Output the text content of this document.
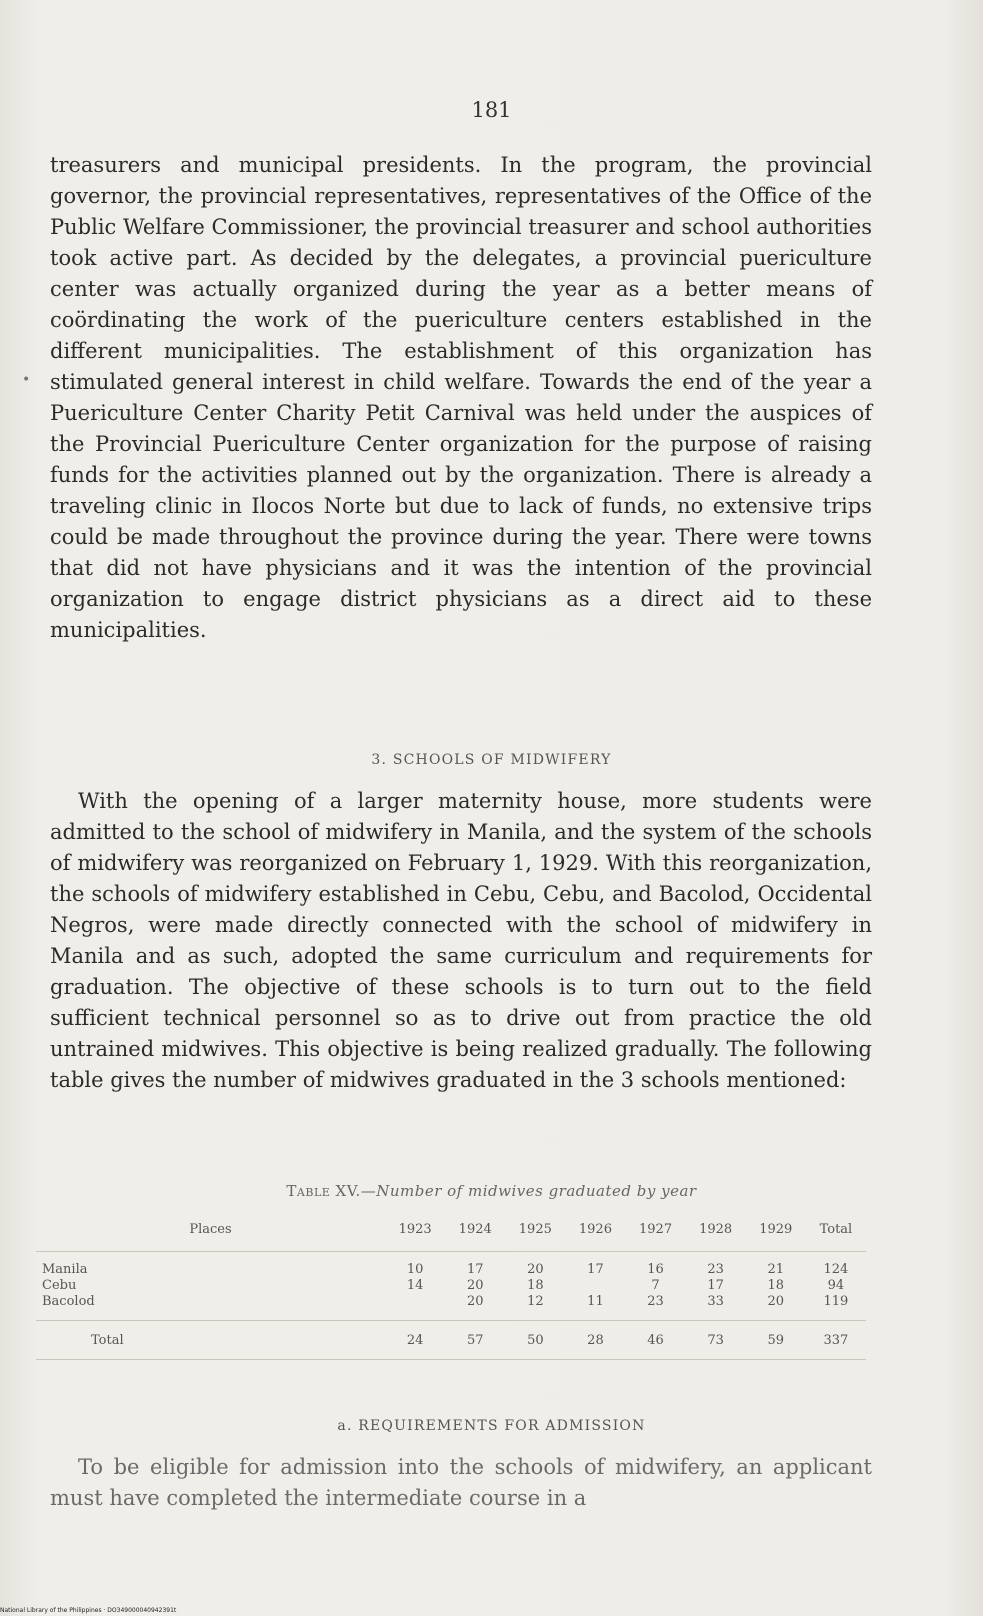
181

treasurers and municipal presidents. In the program, the provincial governor, the provincial representatives, representatives of the Office of the Public Welfare Commissioner, the provincial treasurer and school authorities took active part. As decided by the delegates, a provincial puericulture center was actually organized during the year as a better means of coördinating the work of the puericulture centers established in the different municipalities. The establishment of this organization has stimulated general interest in child welfare. Towards the end of the year a Puericulture Center Charity Petit Carnival was held under the auspices of the Provincial Puericulture Center organization for the purpose of raising funds for the activities planned out by the organization. There is already a traveling clinic in Ilocos Norte but due to lack of funds, no extensive trips could be made throughout the province during the year. There were towns that did not have physicians and it was the intention of the provincial organization to engage district physicians as a direct aid to these municipalities.

•
3. SCHOOLS OF MIDWIFERY

With the opening of a larger maternity house, more students were admitted to the school of midwifery in Manila, and the system of the schools of midwifery was reorganized on February 1, 1929. With this reorganization, the schools of midwifery established in Cebu, Cebu, and Bacolod, Occidental Negros, were made directly connected with the school of midwifery in Manila and as such, adopted the same curriculum and requirements for graduation. The objective of these schools is to turn out to the field sufficient technical personnel so as to drive out from practice the old untrained midwives. This objective is being realized gradually. The following table gives the number of midwives graduated in the 3 schools mentioned:

Table XV.—Number of midwives graduated by year
Places	1923	1924	1925	1926	1927	1928	1929	Total

Manila	10	17	20	17	16	23	21	124
Cebu	14	20	18		7	17	18	94
Bacolod		20	12	11	23	33	20	119

Total	24	57	50	28	46	73	59	337
a. REQUIREMENTS FOR ADMISSION

To be eligible for admission into the schools of midwifery, an applicant must have completed the intermediate course in a

National Library of the Philippines · DO349000040942391t
